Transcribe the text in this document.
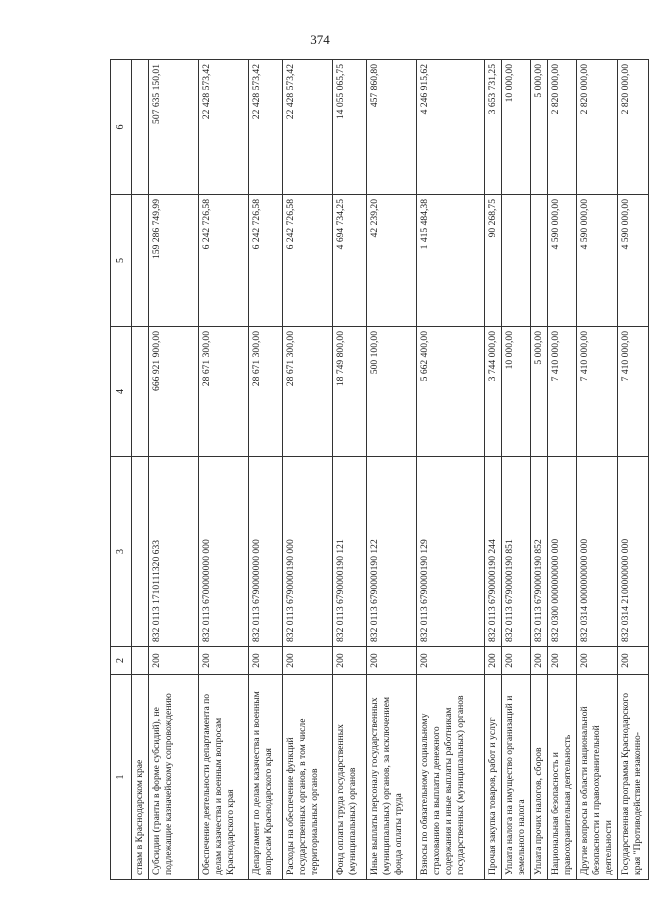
374
1	2	3	4	5	6
ствам в Краснодарском крае					
Субсидии (гранты в форме субсидий), не подлежащие казначейскому сопровождению	200	832 0113 1710111320 633	666 921 900,00	159 286 749,99	507 635 150,01
Обеспечение деятельности департамента по делам казачества и военным вопросам Краснодарского края	200	832 0113 6700000000 000	28 671 300,00	6 242 726,58	22 428 573,42
Департамент по делам казачества и военным вопросам Краснодарского края	200	832 0113 6790000000 000	28 671 300,00	6 242 726,58	22 428 573,42
Расходы на обеспечение функций государственных органов, в том числе территориальных органов	200	832 0113 6790000190 000	28 671 300,00	6 242 726,58	22 428 573,42
Фонд оплаты труда государственных (муниципальных) органов	200	832 0113 6790000190 121	18 749 800,00	4 694 734,25	14 055 065,75
Иные выплаты персоналу государственных (муниципальных) органов, за исключением фонда оплаты труда	200	832 0113 6790000190 122	500 100,00	42 239,20	457 860,80
Взносы по обязательному социальному страхованию на выплаты денежного содержания и иные выплаты работникам государственных (муниципальных) органов	200	832 0113 6790000190 129	5 662 400,00	1 415 484,38	4 246 915,62
Прочая закупка товаров, работ и услуг	200	832 0113 6790000190 244	3 744 000,00	90 268,75	3 653 731,25
Уплата налога на имущество организаций и земельного налога	200	832 0113 6790000190 851	10 000,00		10 000,00
Уплата прочих налогов, сборов	200	832 0113 6790000190 852	5 000,00		5 000,00
Национальная безопасность и правоохранительная деятельность	200	832 0300 0000000000 000	7 410 000,00	4 590 000,00	2 820 000,00
Другие вопросы в области национальной безопасности и правоохранительной деятельности	200	832 0314 0000000000 000	7 410 000,00	4 590 000,00	2 820 000,00
Государственная программа Краснодарского края "Противодействие незаконно-	200	832 0314 2100000000 000	7 410 000,00	4 590 000,00	2 820 000,00
